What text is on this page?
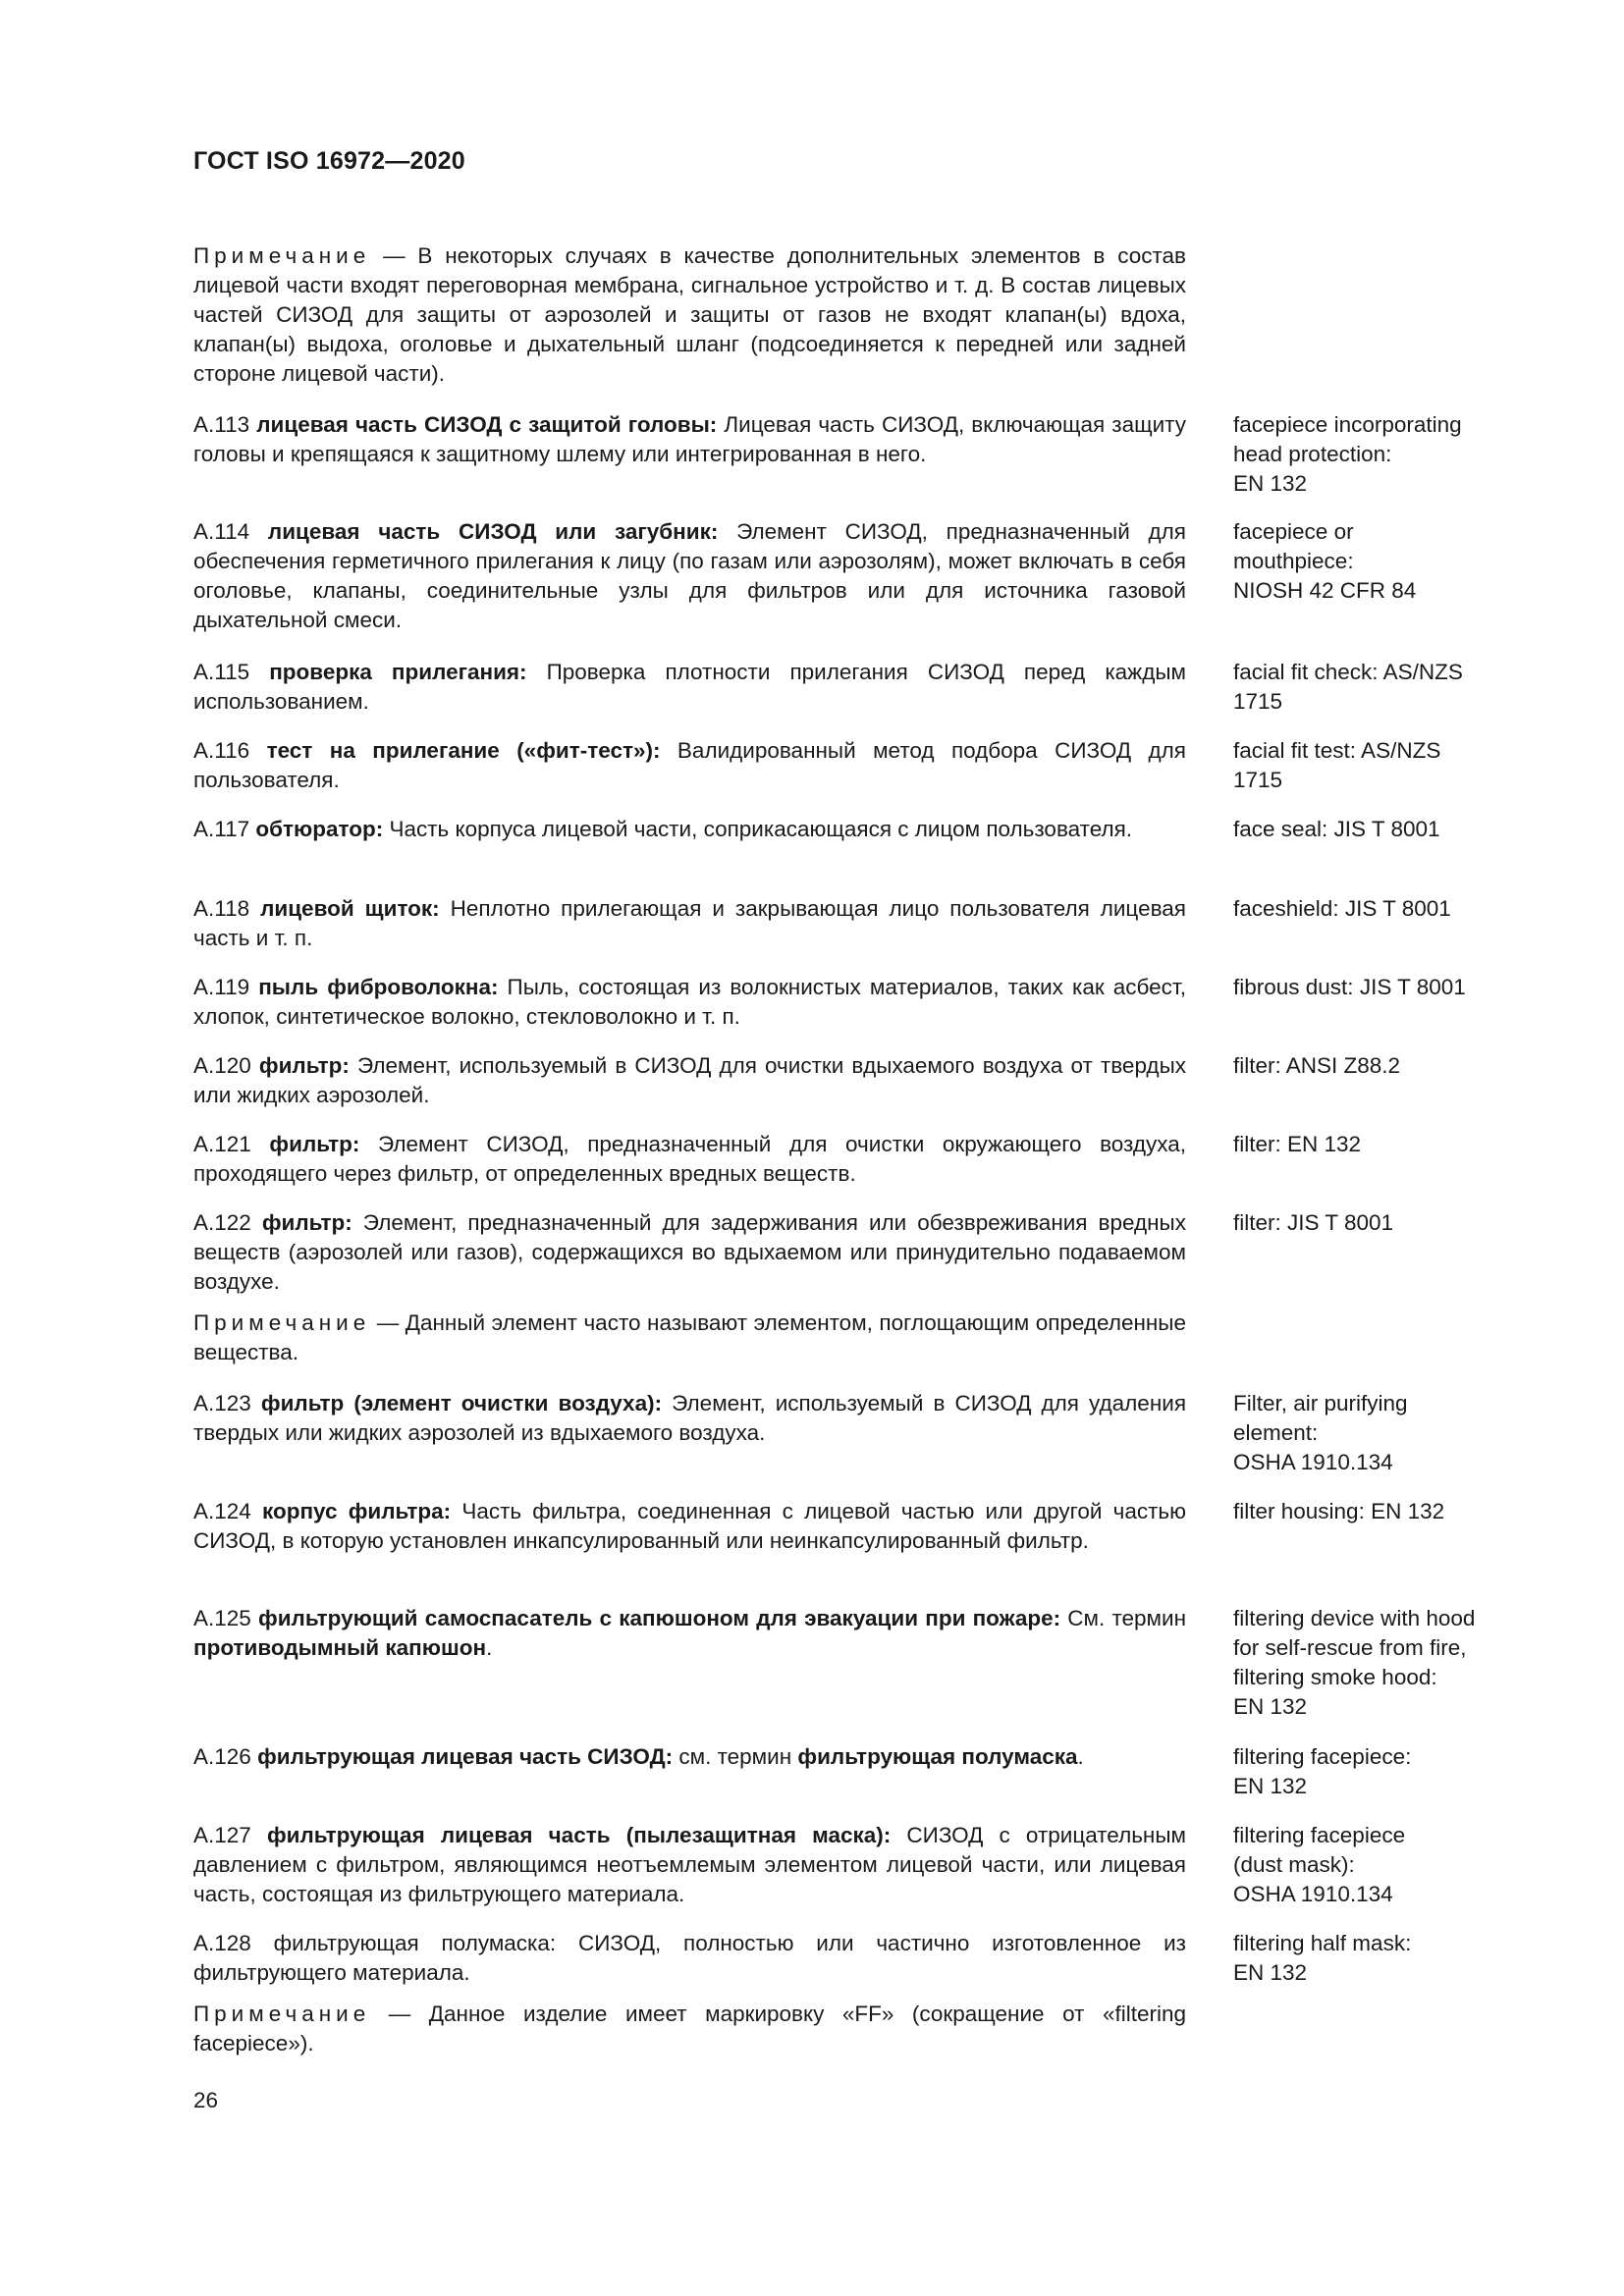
ГОСТ ISO 16972—2020
Примечание — В некоторых случаях в качестве дополнительных элементов в состав лицевой части входят переговорная мембрана, сигнальное устройство и т. д. В состав лицевых частей СИЗОД для защиты от аэрозолей и защиты от газов не входят клапан(ы) вдоха, клапан(ы) выдоха, оголовье и дыхательный шланг (подсоединяется к передней или задней стороне лицевой части).
А.113 лицевая часть СИЗОД с защитой головы: Лицевая часть СИЗОД, включающая защиту головы и крепящаяся к защитному шлему или интегрированная в него.
facepiece incorporating
head protection:
EN 132
А.114 лицевая часть СИЗОД или загубник: Элемент СИЗОД, предназначенный для обеспечения герметичного прилегания к лицу (по газам или аэрозолям), может включать в себя оголовье, клапаны, соединительные узлы для фильтров или для источника газовой дыхательной смеси.
facepiece or
mouthpiece:
NIOSH 42 CFR 84
А.115 проверка прилегания: Проверка плотности прилегания СИЗОД перед каждым использованием.
facial fit check: AS/NZS
1715
А.116 тест на прилегание («фит-тест»): Валидированный метод подбора СИЗОД для пользователя.
facial fit test: AS/NZS
1715
А.117 обтюратор: Часть корпуса лицевой части, соприкасающаяся с лицом пользователя.	face seal: JIS T 8001
А.118 лицевой щиток: Неплотно прилегающая и закрывающая лицо пользователя лицевая часть и т. п.
faceshield: JIS T 8001
А.119 пыль фиброволокна: Пыль, состоящая из волокнистых материалов, таких как асбест, хлопок, синтетическое волокно, стекловолокно и т. п.
fibrous dust: JIS T 8001
А.120 фильтр: Элемент, используемый в СИЗОД для очистки вдыхаемого воздуха от твердых или жидких аэрозолей.
filter: ANSI Z88.2
А.121 фильтр: Элемент СИЗОД, предназначенный для очистки окружающего воздуха, проходящего через фильтр, от определенных вредных веществ.
filter: EN 132
А.122 фильтр: Элемент, предназначенный для задерживания или обезвреживания вредных веществ (аэрозолей или газов), содержащихся во вдыхаемом или принудительно подаваемом воздухе.
Примечание — Данный элемент часто называют элементом, поглощающим определенные вещества.
filter: JIS T 8001
А.123 фильтр (элемент очистки воздуха): Элемент, используемый в СИЗОД для удаления твердых или жидких аэрозолей из вдыхаемого воздуха.
Filter, air purifying
element:
OSHA 1910.134
А.124 корпус фильтра: Часть фильтра, соединенная с лицевой частью или другой частью СИЗОД, в которую установлен инкапсулированный или неинкапсулированный фильтр.
filter housing: EN 132
А.125 фильтрующий самоспасатель с капюшоном для эвакуации при пожаре: См. термин противодымный капюшон.
filtering device with hood
for self-rescue from fire,
filtering smoke hood:
EN 132
А.126 фильтрующая лицевая часть СИЗОД: см. термин фильтрующая полумаска.	filtering facepiece:
EN 132
А.127 фильтрующая лицевая часть (пылезащитная маска): СИЗОД с отрицательным давлением с фильтром, являющимся неотъемлемым элементом лицевой части, или лицевая часть, состоящая из фильтрующего материала.
filtering facepiece
(dust mask):
OSHA 1910.134
А.128 фильтрующая полумаска: СИЗОД, полностью или частично изготовленное из фильтрующего материала.
Примечание — Данное изделие имеет маркировку «FF» (сокращение от «filtering facepiece»).
filtering half mask:
EN 132
26
